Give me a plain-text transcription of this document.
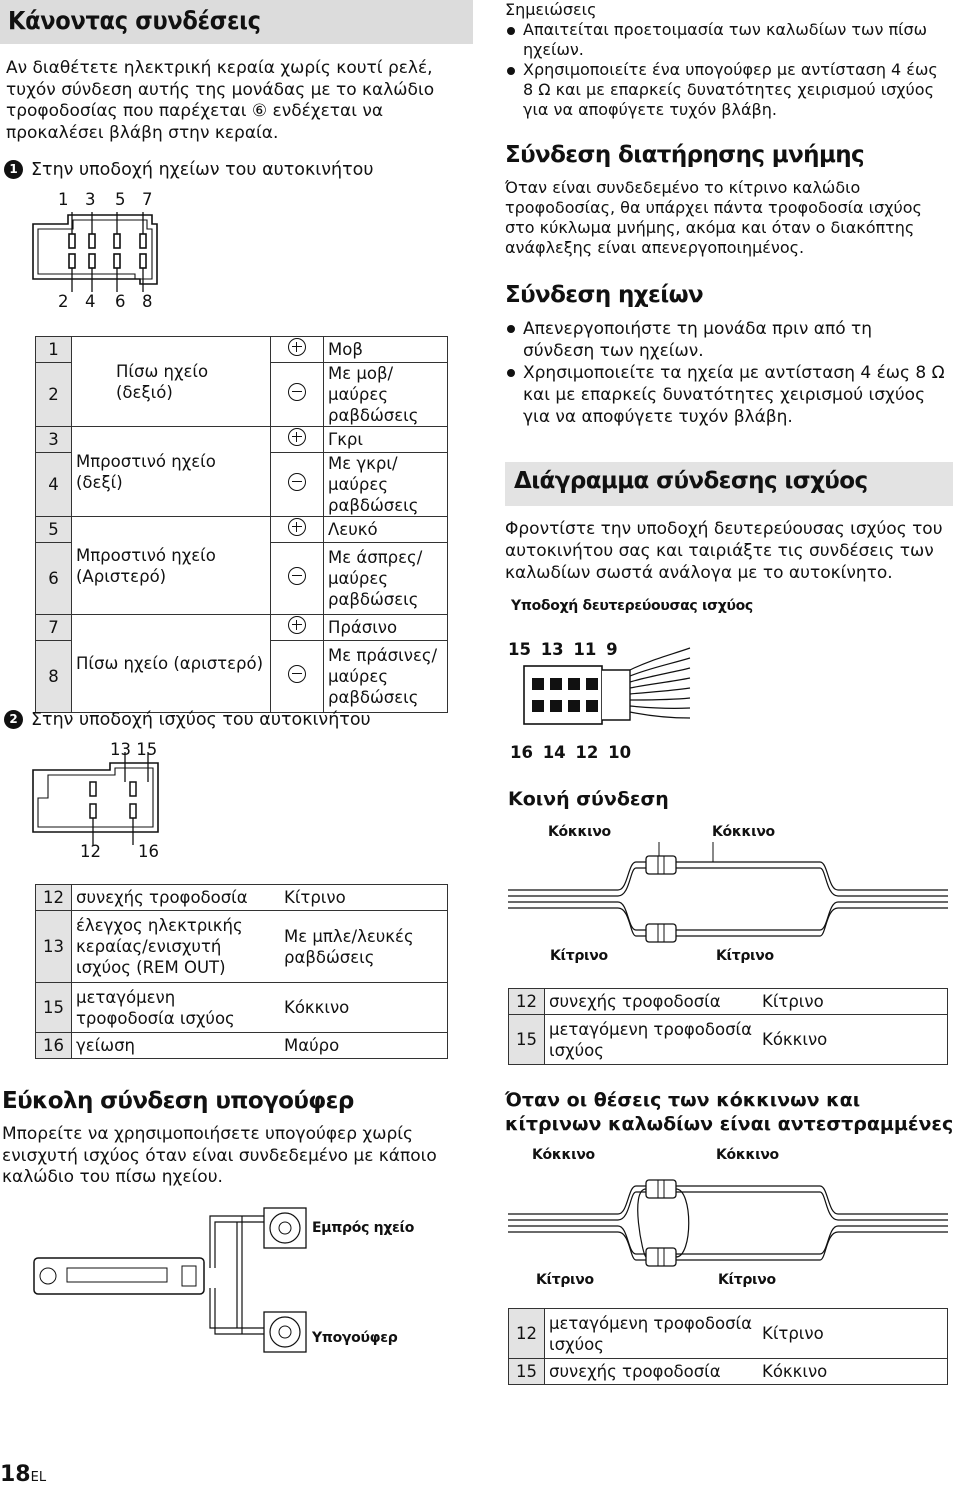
Κάνοντας συνδέσεις
Αν διαθέτετε ηλεκτρική κεραία χωρίς κουτί ρελέ, τυχόν σύνδεση αυτής της μονάδας με το καλώδιο τροφοδοσίας που παρέχεται ⑥ ενδέχεται να προκαλέσει βλάβη στην κεραία.
1 Στην υποδοχή ηχείων του αυτοκινήτου
1 3 5 7
2 4 6 8
1	Πίσω ηχείο (δεξιό)		Μοβ
2			Με μοβ/μαύρες ραβδώσεις
3	Μπροστινό ηχείο (δεξί)		Γκρι
4			Με γκρι/μαύρες ραβδώσεις
5	Μπροστινό ηχείο (Αριστερό)		Λευκό
6			Με άσπρες/ μαύρες ραβδώσεις
7	Πίσω ηχείο (αριστερό)		Πράσινο
8			Με πράσινες/ μαύρες ραβδώσεις
2 Στην υποδοχή ισχύος του αυτοκινήτου
13 15
12 16
12	συνεχής τροφοδοσία	Κίτρινο
13	έλεγχος ηλεκτρικής κεραίας/ενισχυτή ισχύος (REM OUT)	Με μπλε/λευκές ραβδώσεις
15	μεταγόμενη τροφοδοσία ισχύος	Κόκκινο
16	γείωση	Μαύρο
Εύκολη σύνδεση υπογούφερ
Μπορείτε να χρησιμοποιήσετε υπογούφερ χωρίς ενισχυτή ισχύος όταν είναι συνδεδεμένο με κάποιο καλώδιο του πίσω ηχείου.
Εμπρός ηχείο
Υπογούφερ
18EL
Σημειώσεις
Απαιτείται προετοιμασία των καλωδίων των πίσω ηχείων.
Χρησιμοποιείτε ένα υπογούφερ με αντίσταση 4 έως 8 Ω και με επαρκείς δυνατότητες χειρισμού ισχύος για να αποφύγετε τυχόν βλάβη.
Σύνδεση διατήρησης μνήμης
Όταν είναι συνδεδεμένο το κίτρινο καλώδιο τροφοδοσίας, θα υπάρχει πάντα τροφοδοσία ισχύος στο κύκλωμα μνήμης, ακόμα και όταν ο διακόπτης ανάφλεξης είναι απενεργοποιημένος.
Σύνδεση ηχείων
Απενεργοποιήστε τη μονάδα πριν από τη σύνδεση των ηχείων.
Χρησιμοποιείτε τα ηχεία με αντίσταση 4 έως 8 Ω και με επαρκείς δυνατότητες χειρισμού ισχύος για να αποφύγετε τυχόν βλάβη.
Διάγραμμα σύνδεσης ισχύος
Φροντίστε την υποδοχή δευτερεύουσας ισχύος του αυτοκινήτου σας και ταιριάξτε τις συνδέσεις των καλωδίων σωστά ανάλογα με το αυτοκίνητο.
Υποδοχή δευτερεύουσας ισχύος
15 13 11 9
16 14 12 10
Κοινή σύνδεση
Κόκκινο	Κόκκινο
Κίτρινο	Κίτρινο
12	συνεχής τροφοδοσία	Κίτρινο
15	μεταγόμενη τροφοδοσία ισχύος	Κόκκινο
Όταν οι θέσεις των κόκκινων και κίτρινων καλωδίων είναι αντεστραμμένες
Κόκκινο	Κόκκινο
Κίτρινο	Κίτρινο
12	μεταγόμενη τροφοδοσία ισχύος	Κίτρινο
15	συνεχής τροφοδοσία	Κόκκινο
